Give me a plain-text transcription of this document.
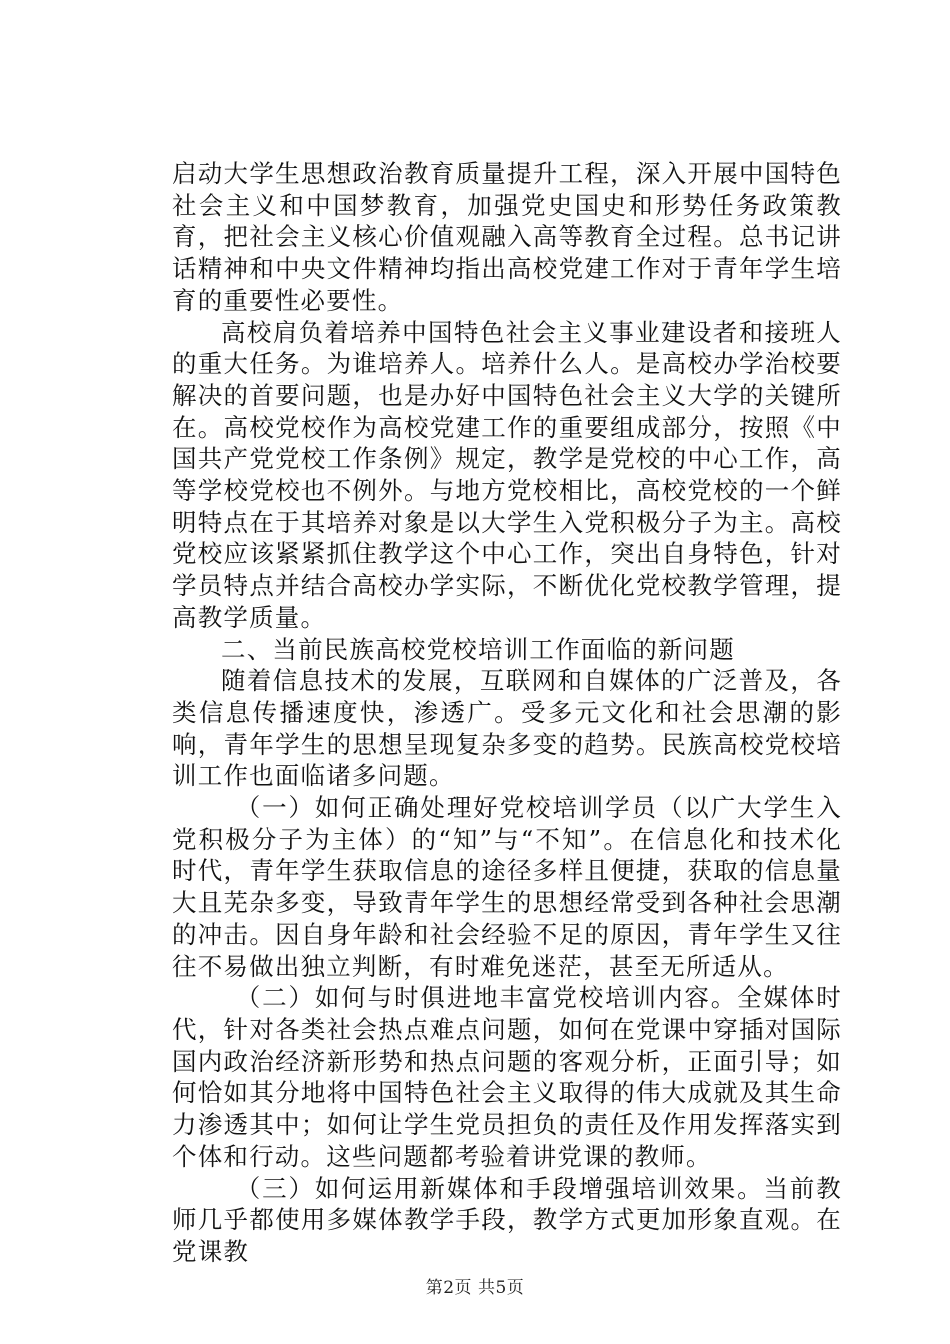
启动大学生思想政治教育质量提升工程，深入开展中国特色社会主义和中国梦教育，加强党史国史和形势任务政策教育，把社会主义核心价值观融入高等教育全过程。总书记讲话精神和中央文件精神均指出高校党建工作对于青年学生培育的重要性必要性。

高校肩负着培养中国特色社会主义事业建设者和接班人的重大任务。为谁培养人。培养什么人。是高校办学治校要解决的首要问题，也是办好中国特色社会主义大学的关键所在。高校党校作为高校党建工作的重要组成部分，按照《中国共产党党校工作条例》规定，教学是党校的中心工作，高等学校党校也不例外。与地方党校相比，高校党校的一个鲜明特点在于其培养对象是以大学生入党积极分子为主。高校党校应该紧紧抓住教学这个中心工作，突出自身特色，针对学员特点并结合高校办学实际，不断优化党校教学管理，提高教学质量。

二、当前民族高校党校培训工作面临的新问题

随着信息技术的发展，互联网和自媒体的广泛普及，各类信息传播速度快，渗透广。受多元文化和社会思潮的影响，青年学生的思想呈现复杂多变的趋势。民族高校党校培训工作也面临诸多问题。

（一）如何正确处理好党校培训学员（以广大学生入党积极分子为主体）的“知”与“不知”。在信息化和技术化时代，青年学生获取信息的途径多样且便捷，获取的信息量大且芜杂多变，导致青年学生的思想经常受到各种社会思潮的冲击。因自身年龄和社会经验不足的原因，青年学生又往往不易做出独立判断，有时难免迷茫，甚至无所适从。

（二）如何与时俱进地丰富党校培训内容。全媒体时代，针对各类社会热点难点问题，如何在党课中穿插对国际国内政治经济新形势和热点问题的客观分析，正面引导；如何恰如其分地将中国特色社会主义取得的伟大成就及其生命力渗透其中；如何让学生党员担负的责任及作用发挥落实到个体和行动。这些问题都考验着讲党课的教师。

（三）如何运用新媒体和手段增强培训效果。当前教师几乎都使用多媒体教学手段，教学方式更加形象直观。在党课教

第2页 共5页
